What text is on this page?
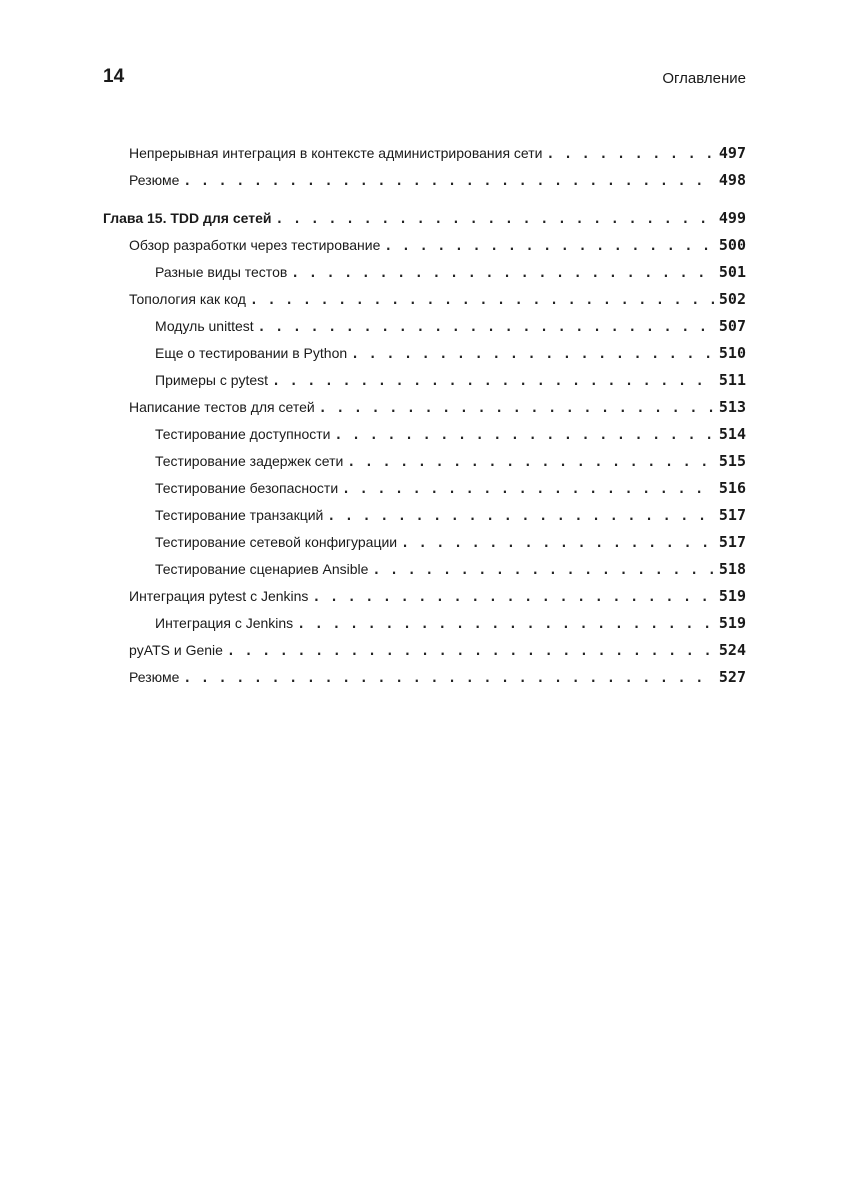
14	Оглавление
Непрерывная интеграция в контексте администрирования сети . . .	497
Резюме . . .	498
Глава 15. TDD для сетей . . .	499
Обзор разработки через тестирование . . .	500
Разные виды тестов . . .	501
Топология как код . . .	502
Модуль unittest . . .	507
Еще о тестировании в Python . . .	510
Примеры с pytest . . .	511
Написание тестов для сетей . . .	513
Тестирование доступности . . .	514
Тестирование задержек сети . . .	515
Тестирование безопасности . . .	516
Тестирование транзакций . . .	517
Тестирование сетевой конфигурации . . .	517
Тестирование сценариев Ansible . . .	518
Интеграция pytest с Jenkins . . .	519
Интеграция с Jenkins . . .	519
pyATS и Genie . . .	524
Резюме . . .	527
